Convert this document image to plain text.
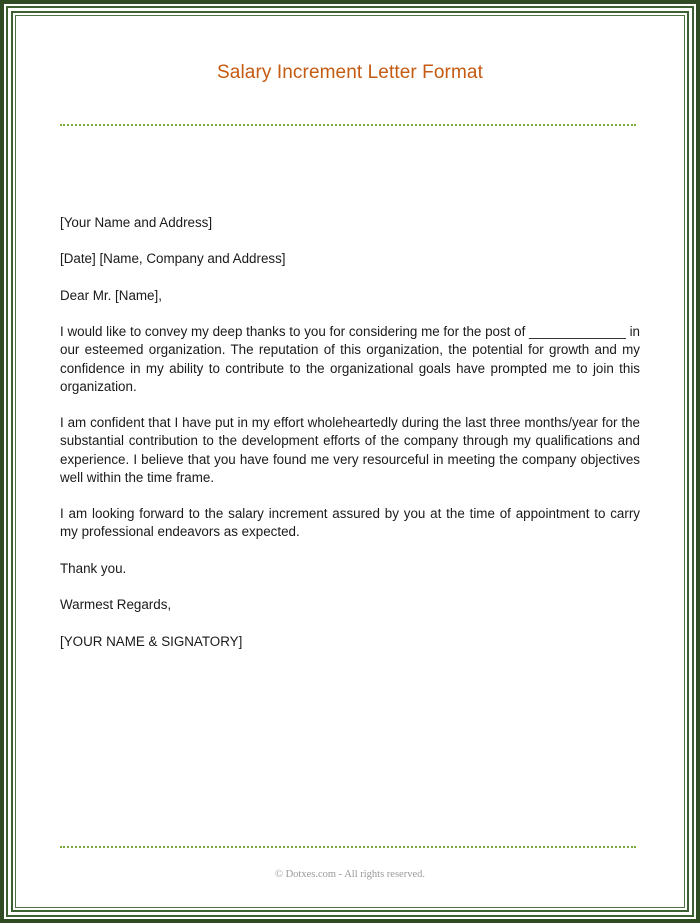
Salary Increment Letter Format

[Your Name and Address]

[Date] [Name, Company and Address]

Dear Mr. [Name],

I would like to convey my deep thanks to you for considering me for the post of _____________ in our esteemed organization. The reputation of this organization, the potential for growth and my confidence in my ability to contribute to the organizational goals have prompted me to join this organization.

I am confident that I have put in my effort wholeheartedly during the last three months/year for the substantial contribution to the development efforts of the company through my qualifications and experience. I believe that you have found me very resourceful in meeting the company objectives well within the time frame.

I am looking forward to the salary increment assured by you at the time of appointment to carry my professional endeavors as expected.

Thank you.

Warmest Regards,

[YOUR NAME & SIGNATORY]

© Dotxes.com - All rights reserved.
